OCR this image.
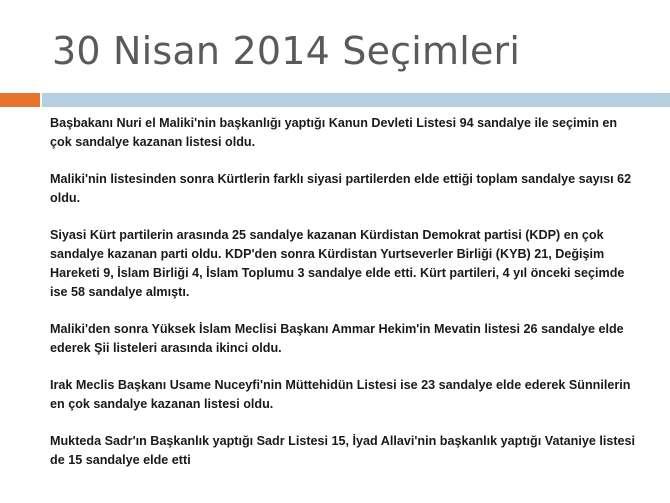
30 Nisan 2014 Seçimleri

Başbakanı Nuri el Maliki'nin başkanlığı yaptığı Kanun Devleti Listesi 94 sandalye ile seçimin en çok sandalye kazanan listesi oldu.

Maliki'nin listesinden sonra Kürtlerin farklı siyasi partilerden elde ettiği toplam sandalye sayısı 62 oldu.

Siyasi Kürt partilerin arasında 25 sandalye kazanan Kürdistan Demokrat partisi (KDP) en çok sandalye kazanan parti oldu. KDP'den sonra Kürdistan Yurtseverler Birliği (KYB) 21, Değişim Hareketi 9, İslam Birliği 4, İslam Toplumu 3 sandalye elde etti. Kürt partileri, 4 yıl önceki seçimde ise 58 sandalye almıştı.

Maliki'den sonra Yüksek İslam Meclisi Başkanı Ammar Hekim'in Mevatin listesi 26 sandalye elde ederek Şii listeleri arasında ikinci oldu.

Irak Meclis Başkanı Usame Nuceyfi'nin Müttehidün Listesi ise 23 sandalye elde ederek Sünnilerin en çok sandalye kazanan listesi oldu.

Mukteda Sadr'ın Başkanlık yaptığı Sadr Listesi 15, İyad Allavi'nin başkanlık yaptığı Vataniye listesi de 15 sandalye elde etti
